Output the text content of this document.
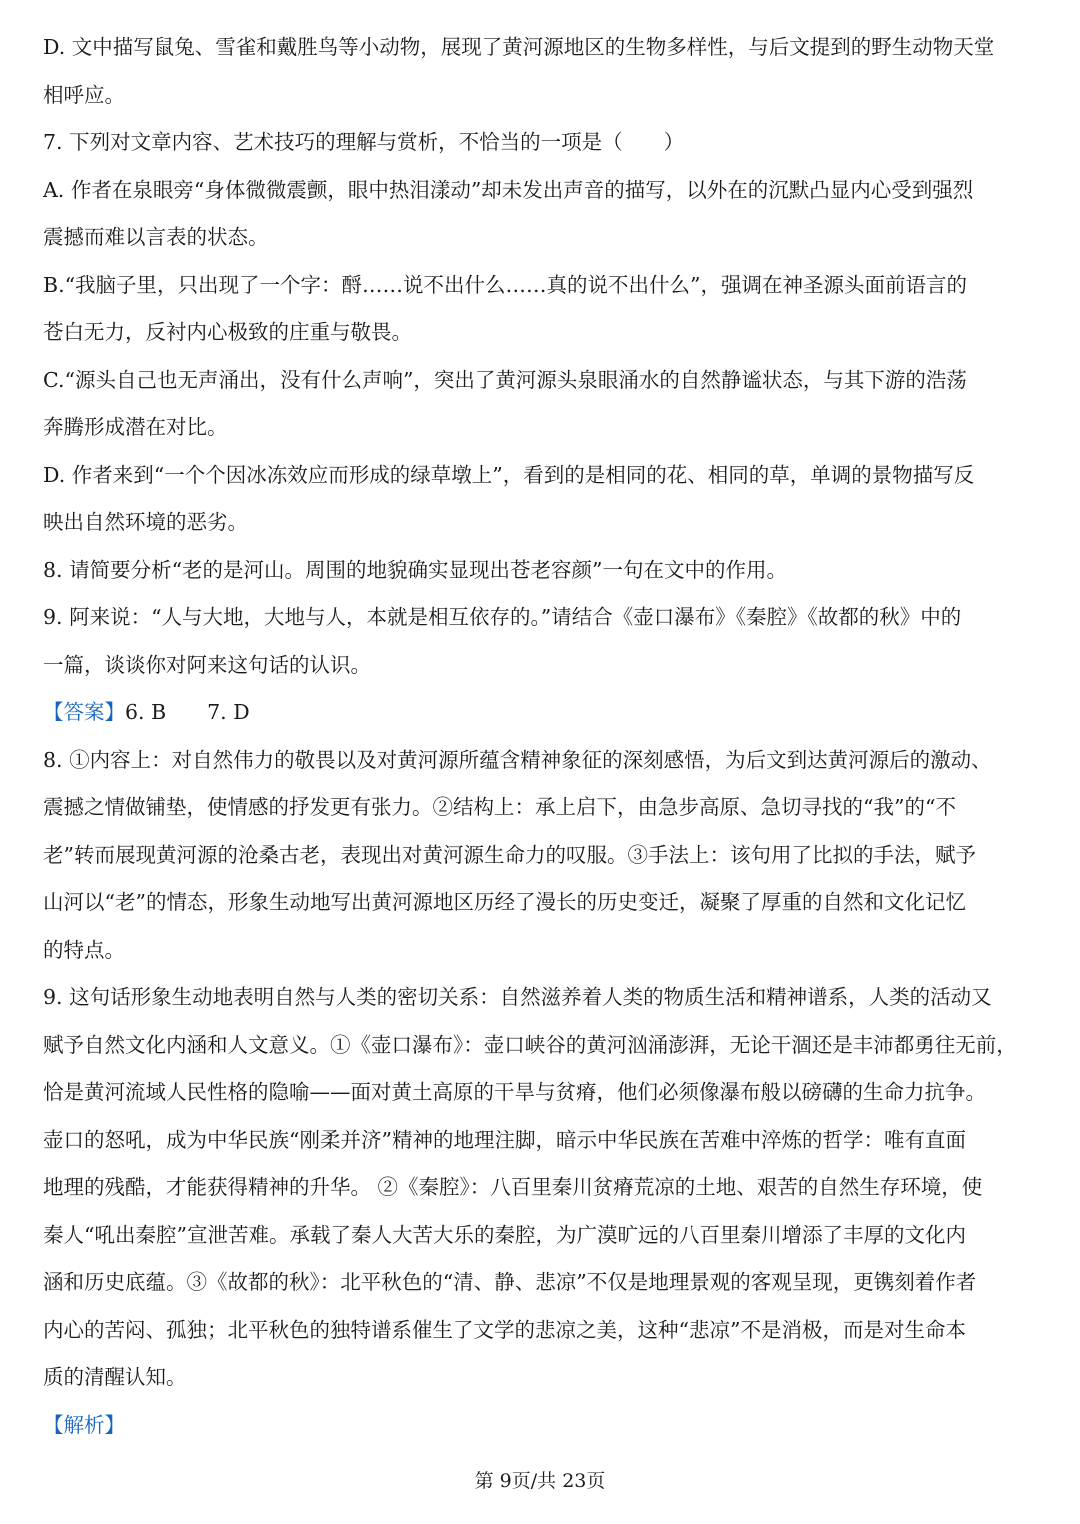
D. 文中描写鼠兔、雪雀和戴胜鸟等小动物，展现了黄河源地区的生物多样性，与后文提到的野生动物天堂
相呼应。
7. 下列对文章内容、艺术技巧的理解与赏析，不恰当的一项是（　　）
A. 作者在泉眼旁“身体微微震颤，眼中热泪漾动”却未发出声音的描写，以外在的沉默凸显内心受到强烈
震撼而难以言表的状态。
B.“我脑子里，只出现了一个字：酹……说不出什么……真的说不出什么”，强调在神圣源头面前语言的
苍白无力，反衬内心极致的庄重与敬畏。
C.“源头自己也无声涌出，没有什么声响”，突出了黄河源头泉眼涌水的自然静谧状态，与其下游的浩荡
奔腾形成潜在对比。
D. 作者来到“一个个因冰冻效应而形成的绿草墩上”，看到的是相同的花、相同的草，单调的景物描写反
映出自然环境的恶劣。
8. 请简要分析“老的是河山。周围的地貌确实显现出苍老容颜”一句在文中的作用。
9. 阿来说：“人与大地，大地与人，本就是相互依存的。”请结合《壶口瀑布》《秦腔》《故都的秋》中的
一篇，谈谈你对阿来这句话的认识。
【答案】6. B　　7. D
8. ①内容上：对自然伟力的敬畏以及对黄河源所蕴含精神象征的深刻感悟，为后文到达黄河源后的激动、
震撼之情做铺垫，使情感的抒发更有张力。②结构上：承上启下，由急步高原、急切寻找的“我”的“不
老”转而展现黄河源的沧桑古老，表现出对黄河源生命力的叹服。③手法上：该句用了比拟的手法，赋予
山河以“老”的情态，形象生动地写出黄河源地区历经了漫长的历史变迁，凝聚了厚重的自然和文化记忆
的特点。
9. 这句话形象生动地表明自然与人类的密切关系：自然滋养着人类的物质生活和精神谱系，人类的活动又
赋予自然文化内涵和人文意义。①《壶口瀑布》：壶口峡谷的黄河汹涌澎湃，无论干涸还是丰沛都勇往无前，
恰是黄河流域人民性格的隐喻——面对黄土高原的干旱与贫瘠，他们必须像瀑布般以磅礴的生命力抗争。
壶口的怒吼，成为中华民族“刚柔并济”精神的地理注脚，暗示中华民族在苦难中淬炼的哲学：唯有直面
地理的残酷，才能获得精神的升华。 ②《秦腔》：八百里秦川贫瘠荒凉的土地、艰苦的自然生存环境，使
秦人“吼出秦腔”宣泄苦难。承载了秦人大苦大乐的秦腔，为广漠旷远的八百里秦川增添了丰厚的文化内
涵和历史底蕴。③《故都的秋》：北平秋色的“清、静、悲凉”不仅是地理景观的客观呈现，更镌刻着作者
内心的苦闷、孤独；北平秋色的独特谱系催生了文学的悲凉之美，这种“悲凉”不是消极，而是对生命本
质的清醒认知。
【解析】
第 9页/共 23页
